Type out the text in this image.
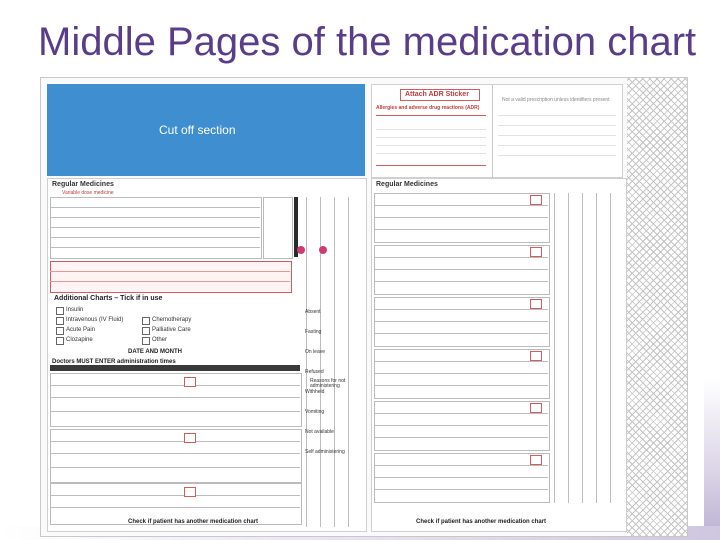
Middle Pages of the medication chart
Cut off section
Attach ADR Sticker
Allergies and adverse drug reactions (ADR)
Not a valid prescription unless identifiers present
Regular Medicines
Variable dose medicine
Additional Charts – Tick if in use
Insulin
Intravenous (IV Fluid)
Acute Pain
Clozapine
Chemotherapy
Palliative Care
Other
DATE AND MONTH
Doctors MUST ENTER administration times
Reasons for not administering
Check if patient has another medication chart
Absent
Fasting
On leave
Refused
Withheld
Vomiting
Not available
Self administering
Regular Medicines
Check if patient has another medication chart
